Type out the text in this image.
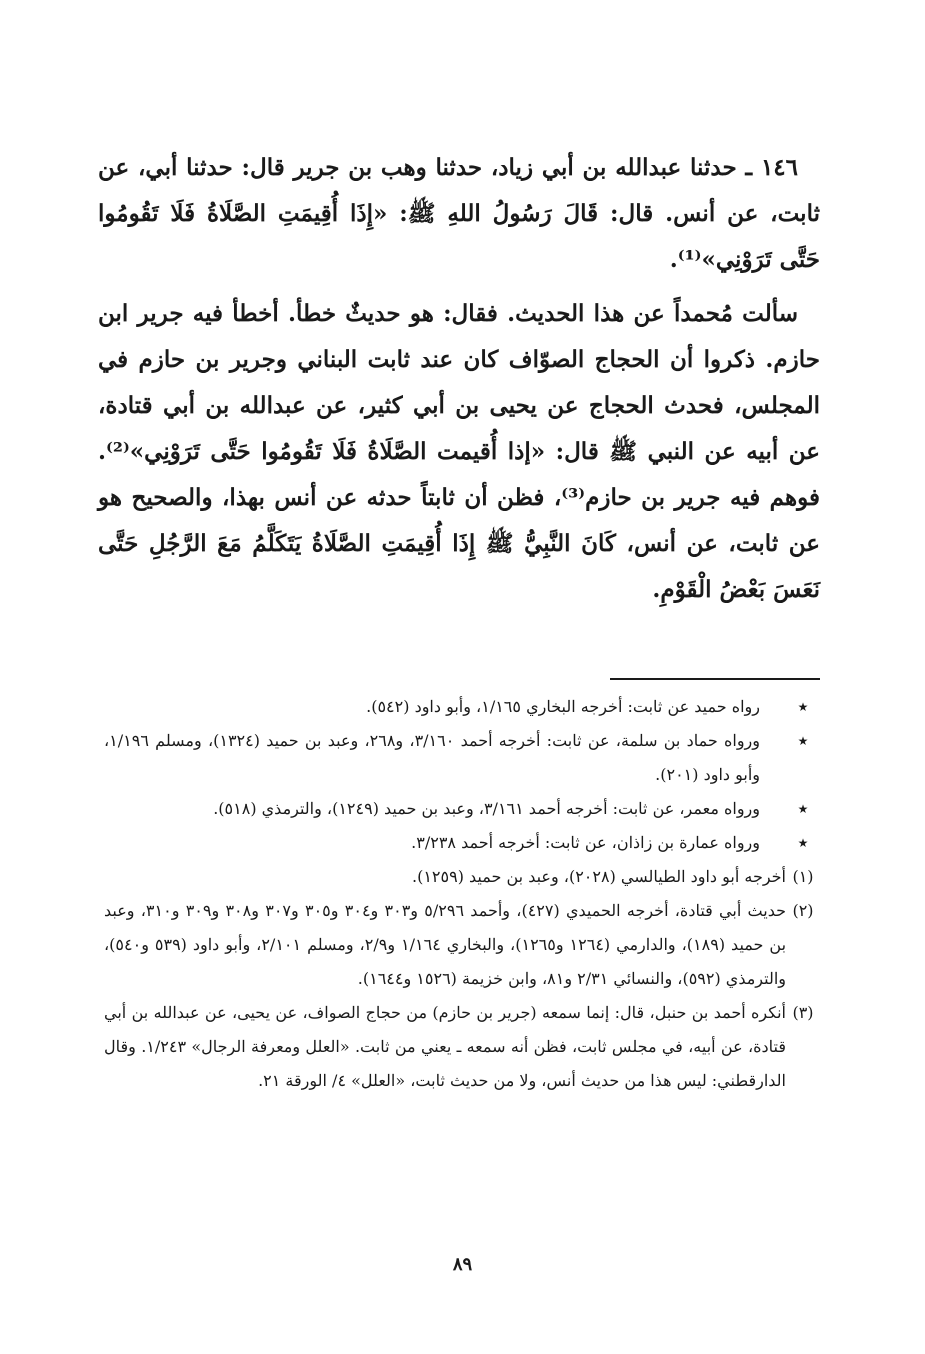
١٤٦ ـ حدثنا عبدالله بن أبي زياد، حدثنا وهب بن جرير قال: حدثنا أبي، عن ثابت، عن أنس. قال: قَالَ رَسُولُ اللهِ ﷺ: «إِذَا أُقِيمَتِ الصَّلَاةُ فَلَا تَقُومُوا حَتَّى تَرَوْنِي»⁽¹⁾.

سألت مُحمداً عن هذا الحديث. فقال: هو حديثٌ خطأ. أخطأ فيه جرير ابن حازم. ذكروا أن الحجاج الصوّاف كان عند ثابت البناني وجرير بن حازم في المجلس، فحدث الحجاج عن يحيى بن أبي كثير، عن عبدالله بن أبي قتادة، عن أبيه عن النبي ﷺ قال: «إذا أُقيمت الصَّلَاةُ فَلَا تَقُومُوا حَتَّى تَرَوْنِي»⁽²⁾. فوهم فيه جرير بن حازم⁽³⁾، فظن أن ثابتاً حدثه عن أنس بهذا، والصحيح هو عن ثابت، عن أنس، كَانَ النَّبِيُّ ﷺ إِذَا أُقِيمَتِ الصَّلَاةُ يَتَكَلَّمُ مَعَ الرَّجُلِ حَتَّى نَعَسَ بَعْضُ الْقَوْمِ.

★
رواه حميد عن ثابت: أخرجه البخاري ١/١٦٥، وأبو داود (٥٤٢).
★
ورواه حماد بن سلمة، عن ثابت: أخرجه أحمد ٣/١٦٠، و٢٦٨، وعبد بن حميد (١٣٢٤)، ومسلم ١/١٩٦، وأبو داود (٢٠١).
★
ورواه معمر، عن ثابت: أخرجه أحمد ٣/١٦١، وعبد بن حميد (١٢٤٩)، والترمذي (٥١٨).
★
ورواه عمارة بن زاذان، عن ثابت: أخرجه أحمد ٣/٢٣٨.
(١)
أخرجه أبو داود الطيالسي (٢٠٢٨)، وعبد بن حميد (١٢٥٩).
(٢)
حديث أبي قتادة، أخرجه الحميدي (٤٢٧)، وأحمد ٥/٢٩٦ و٣٠٣ و٣٠٤ و٣٠٥ و٣٠٧ و٣٠٨ و٣٠٩ و٣١٠، وعبد بن حميد (١٨٩)، والدارمي (١٢٦٤ و١٢٦٥)، والبخاري ١/١٦٤ و٢/٩، ومسلم ٢/١٠١، وأبو داود (٥٣٩ و٥٤٠)، والترمذي (٥٩٢)، والنسائي ٢/٣١ و٨١، وابن خزيمة (١٥٢٦ و١٦٤٤).
(٣)
أنكره أحمد بن حنبل، قال: إنما سمعه (جرير بن حازم) من حجاج الصواف، عن يحيى، عن عبدالله بن أبي قتادة، عن أبيه، في مجلس ثابت، فظن أنه سمعه ـ يعني من ثابت. «العلل ومعرفة الرجال» ١/٢٤٣. وقال الدارقطني: ليس هذا من حديث أنس، ولا من حديث ثابت، «العلل» ٤/ الورقة ٢١.
٨٩
